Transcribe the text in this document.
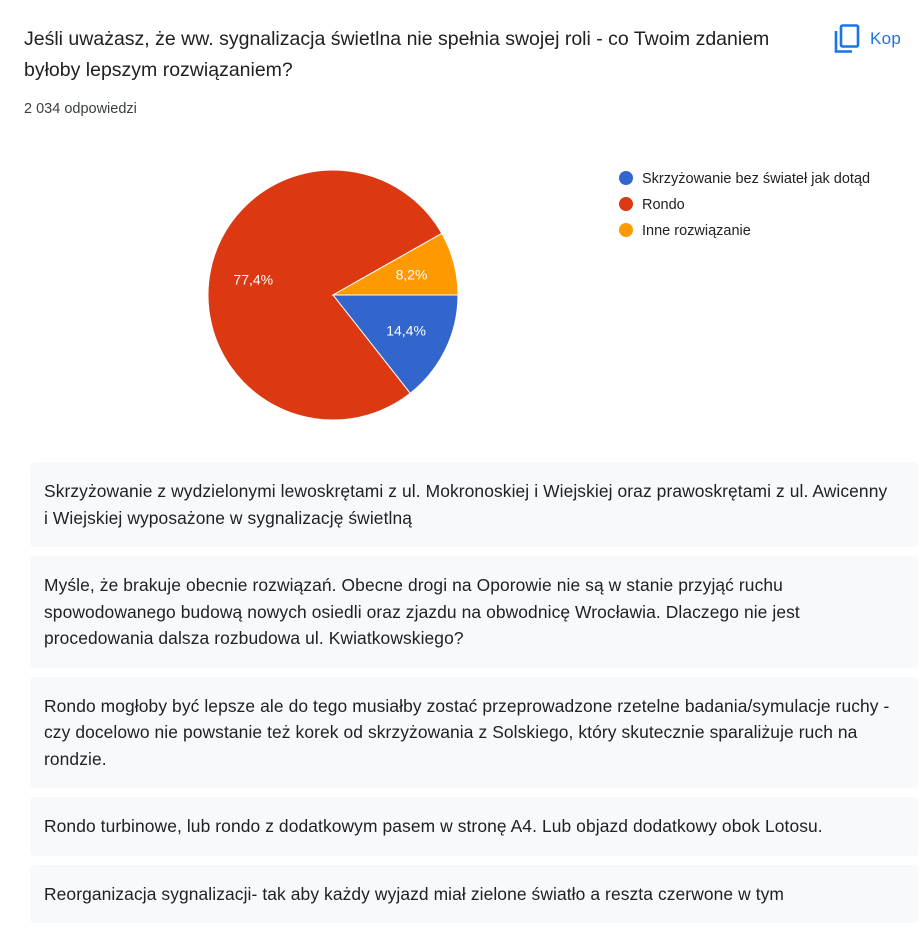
Jeśli uważasz, że ww. sygnalizacja świetlna nie spełnia swojej roli - co Twoim zdaniem byłoby lepszym rozwiązaniem?
Kop
2 034 odpowiedzi
14,4%
77,4%	8,2%
Skrzyżowanie bez świateł jak dotąd
Rondo
Inne rozwiązanie
Skrzyżowanie z wydzielonymi lewoskrętami z ul. Mokronoskiej i Wiejskiej oraz prawoskrętami z ul. Awicenny i Wiejskiej wyposażone w sygnalizację świetlną
Myśle, że brakuje obecnie rozwiązań. Obecne drogi na Oporowie nie są w stanie przyjąć ruchu spowodowanego budową nowych osiedli oraz zjazdu na obwodnicę Wrocławia. Dlaczego nie jest procedowania dalsza rozbudowa ul. Kwiatkowskiego?
Rondo mogłoby być lepsze ale do tego musiałby zostać przeprowadzone rzetelne badania/symulacje ruchy - czy docelowo nie powstanie też korek od skrzyżowania z Solskiego, który skutecznie sparaliżuje ruch na rondzie.
Rondo turbinowe, lub rondo z dodatkowym pasem w stronę A4. Lub objazd dodatkowy obok Lotosu.
Reorganizacja sygnalizacji- tak aby każdy wyjazd miał zielone światło a reszta czerwone w tym
